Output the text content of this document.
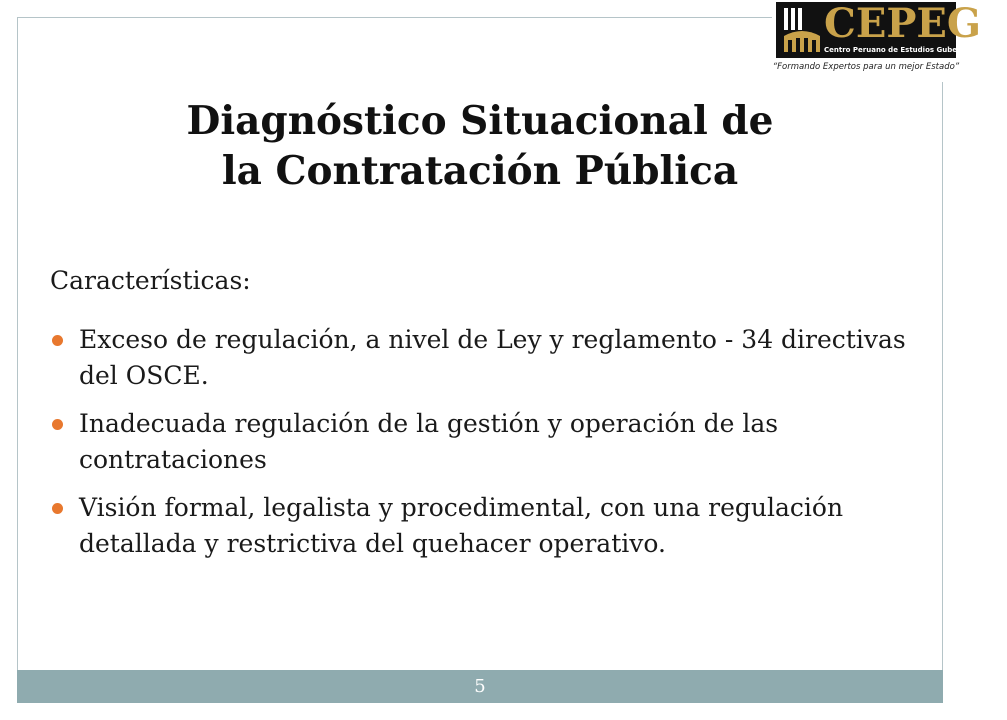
CEPEG
Centro Peruano de Estudios Gubernamentales
“Formando Expertos para un mejor Estado”
Diagnóstico Situacional de
la Contratación Pública
Características:
Exceso de regulación, a nivel de Ley y reglamento - 34 directivas del OSCE.
Inadecuada regulación de la gestión y operación de las contrataciones
Visión formal, legalista y procedimental, con una regulación detallada y restrictiva del quehacer operativo.
5
